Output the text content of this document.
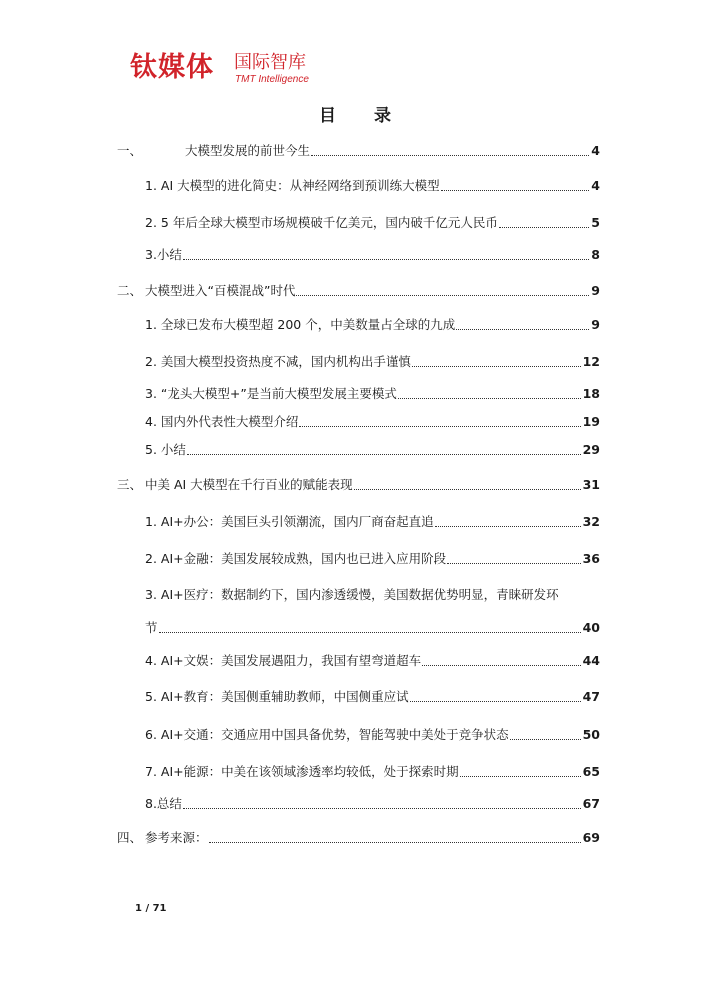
钛媒体 国际智库
TMT Intelligence
目 录
一、	大模型发展的前世今生	4
1. AI 大模型的进化简史：从神经网络到预训练大模型	4
2. 5 年后全球大模型市场规模破千亿美元，国内破千亿元人民币	5
3.小结	8
二、 大模型进入“百模混战”时代	9
1. 全球已发布大模型超 200 个，中美数量占全球的九成	9
2. 美国大模型投资热度不减，国内机构出手谨慎	12
3. “龙头大模型+”是当前大模型发展主要模式	18
4. 国内外代表性大模型介绍	19
5. 小结	29
三、 中美 AI 大模型在千行百业的赋能表现	31
1. AI+办公：美国巨头引领潮流，国内厂商奋起直追	32
2. AI+金融：美国发展较成熟，国内也已进入应用阶段	36
3. AI+医疗：数据制约下，国内渗透缓慢，美国数据优势明显，青睐研发环
节	40
4. AI+文娱：美国发展遇阻力，我国有望弯道超车	44
5. AI+教育：美国侧重辅助教师，中国侧重应试	47
6. AI+交通：交通应用中国具备优势，智能驾驶中美处于竞争状态	50
7. AI+能源：中美在该领域渗透率均较低，处于探索时期	65
8.总结	67
四、 参考来源：	69
1 / 71
